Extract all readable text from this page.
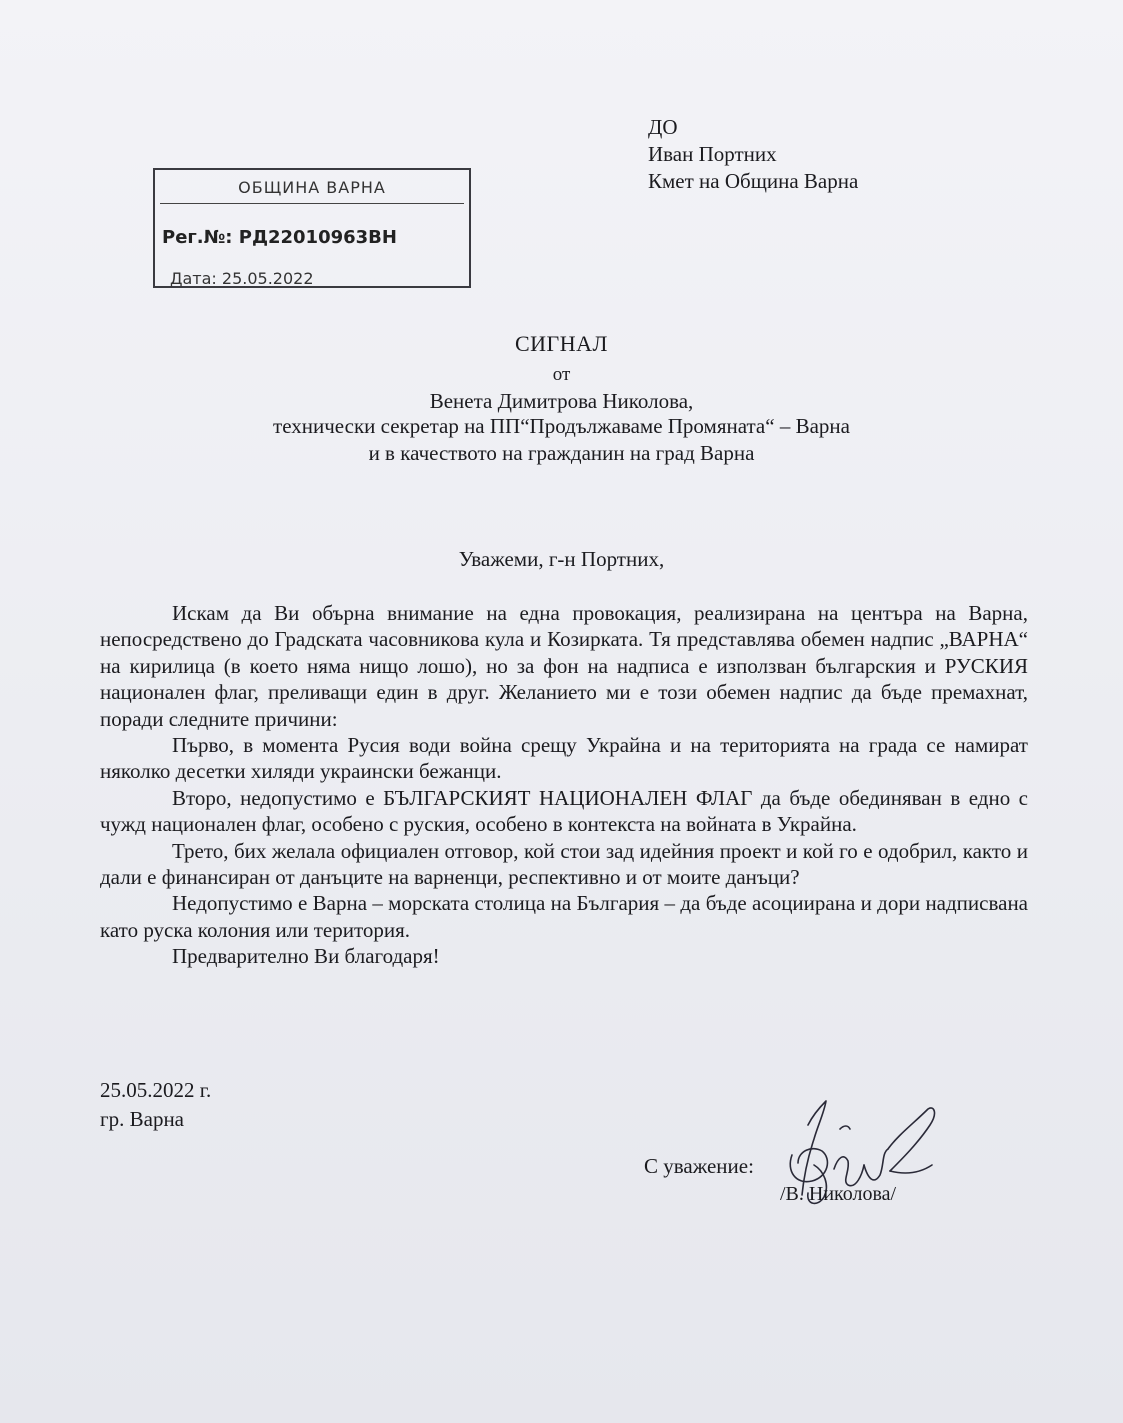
ДО
Иван Портних
Кмет на Община Варна
ОБЩИНА ВАРНА
Рег.№: РД22010963ВН
Дата: 25.05.2022
СИГНАЛ
от
Венета Димитрова Николова,
технически секретар на ПП“Продължаваме Промяната“ – Варна
и в качеството на гражданин на град Варна
Уважеми, г-н Портних,

Искам да Ви обърна внимание на една провокация, реализирана на центъра на Варна, непосредствено до Градската часовникова кула и Козирката. Тя представлява обемен надпис „ВАРНА“ на кирилица (в което няма нищо лошо), но за фон на надписа е използван българския и РУСКИЯ национален флаг, преливащи един в друг. Желанието ми е този обемен надпис да бъде премахнат, поради следните причини:

Първо, в момента Русия води война срещу Украйна и на територията на града се намират няколко десетки хиляди украински бежанци.

Второ, недопустимо е БЪЛГАРСКИЯТ НАЦИОНАЛЕН ФЛАГ да бъде обединяван в едно с чужд национален флаг, особено с руския, особено в контекста на войната в Украйна.

Трето, бих желала официален отговор, кой стои зад идейния проект и кой го е одобрил, както и дали е финансиран от данъците на варненци, респективно и от моите данъци?

Недопустимо е Варна – морската столица на България – да бъде асоциирана и дори надписвана като руска колония или територия.

Предварително Ви благодаря!

25.05.2022 г.
гр. Варна
С уважение:
/В. Николова/
